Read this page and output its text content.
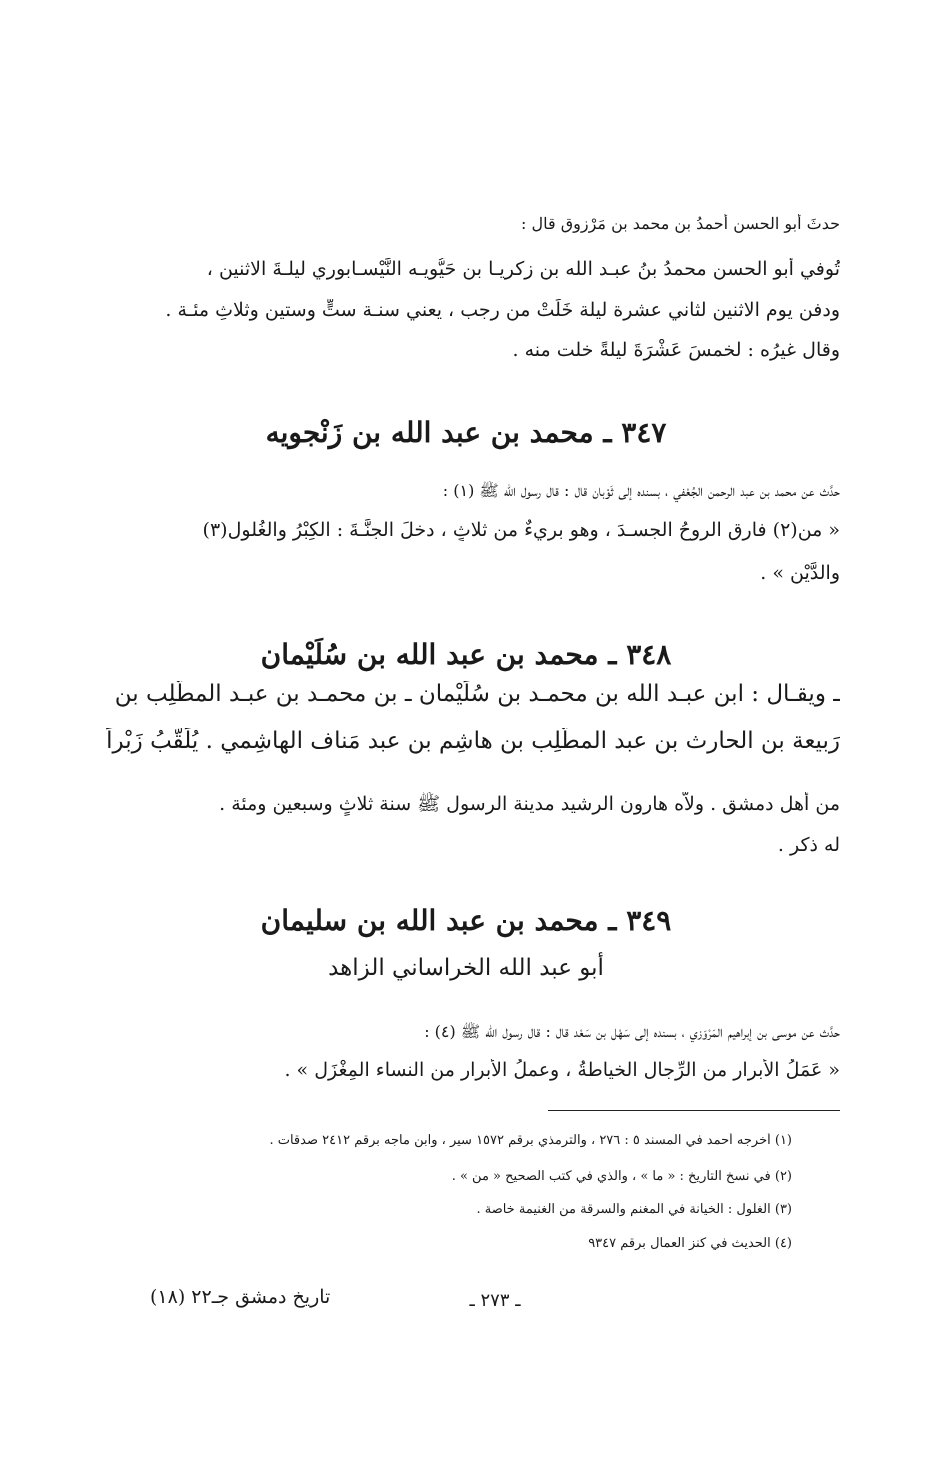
حدثَ أبو الحسن أحمدُ بن محمد بن مَرْزوق قال :
تُوفي أبو الحسن محمدُ بنُ عبـد الله بن زكريـا بن حَيُّويـه النَّيْسـابوري ليلـةَ الاثنين ،
ودفن يوم الاثنين لثاني عشرة ليلة خَلَتْ من رجب ، يعني سنـة ستٍّ وستين وثلاثِ مئـة .
وقال غيرُه : لخمسَ عَشْرَةَ ليلةً خلت منه .
٣٤٧ ـ محمد بن عبد الله بن زَنْجويه
حدَّث عن محمد بن عبد الرحمن الجُعْفي ، بسنده إلى ثَوْبان قال : قال رسول الله ﷺ (١) :
« من(٢) فارق الروحُ الجسـدَ ، وهو بريءٌ من ثلاثٍ ، دخلَ الجنَّـةَ : الكِبْرُ والغُلول(٣)
والدَّيْن » .
٣٤٨ ـ محمد بن عبد الله بن سُلَيْمان
ـ ويقـال : ابن عبـد الله بن محمـد بن سُلَيْمان ـ بن محمـد بن عبـد المطَّلِب بن
رَبيعة بن الحارث بن عبد المطَّلِب بن هاشِم بن عبد مَناف الهاشِمي . يُلَقَّبُ زَبْراً
من أهل دمشق . ولاَّه هارون الرشيد مدينة الرسول ﷺ سنة ثلاثٍ وسبعين ومئة .
له ذكر .
٣٤٩ ـ محمد بن عبد الله بن سليمان
أبو عبد الله الخراساني الزاهد
حدَّث عن موسى بن إبراهيم المَرْوَزي ، بسنده إلى سَهْل بن سَعْد قال : قال رسول الله ﷺ (٤) :
« عَمَلُ الأبرارِ من الرِّجال الخياطةُ ، وعملُ الأبرارِ من النساء المِغْزَل » .
(١) أخرجه أحمد في المسند ٥ : ٢٧٦ ، والترمذي برقم ١٥٧٢ سير ، وابن ماجه برقم ٢٤١٢ صدقات .
(٢) في نسخ التاريخ : « ما » ، والذي في كتب الصحيح « من » .
(٣) الغلول : الخيانة في المغنم والسرقة من الغنيمة خاصة .
(٤) الحديث في كنز العمال برقم ٩٣٤٧
تاريخ دمشق جـ٢٢ (١٨)	ـ ٢٧٣ ـ
